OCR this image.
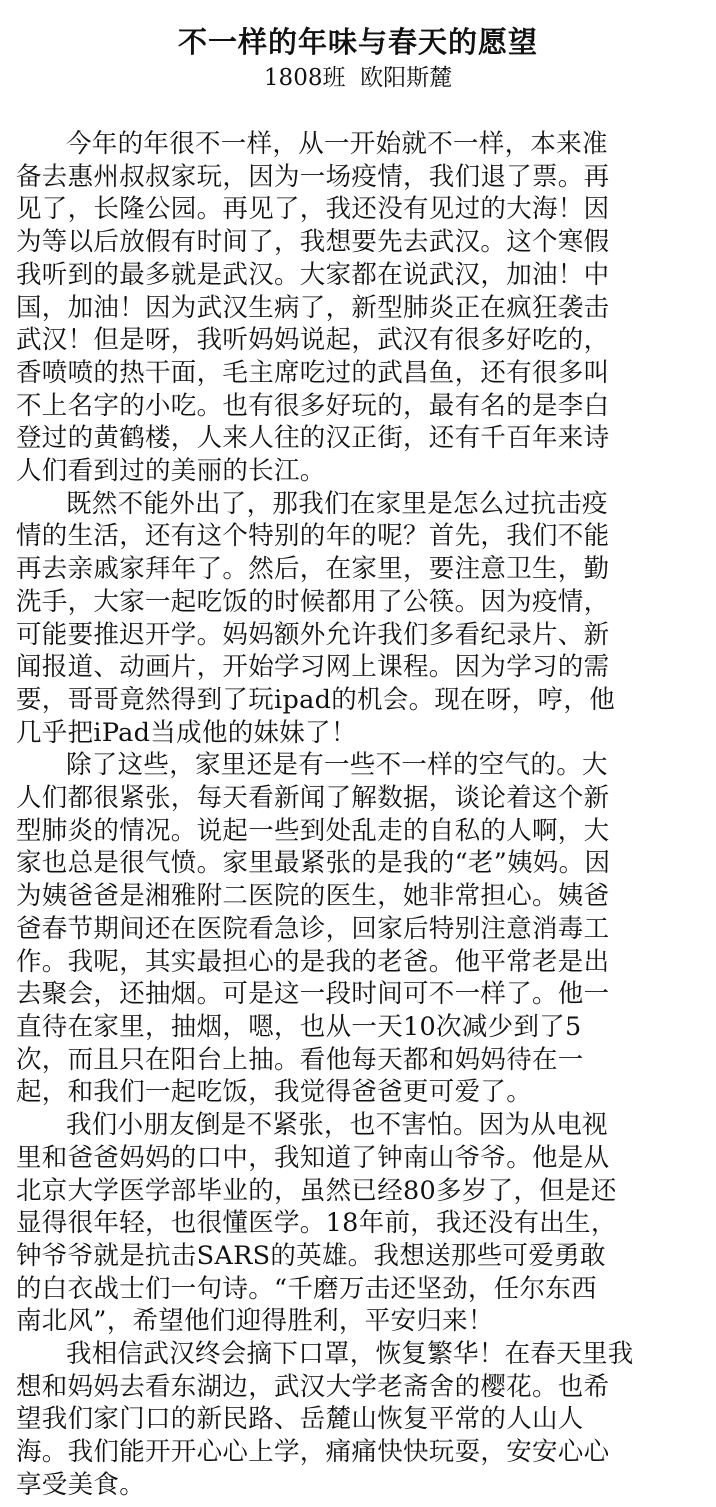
不一样的年味与春天的愿望
1808班  欧阳斯麓
今年的年很不一样，从一开始就不一样，本来准
备去惠州叔叔家玩，因为一场疫情，我们退了票。再
见了，长隆公园。再见了，我还没有见过的大海！因
为等以后放假有时间了，我想要先去武汉。这个寒假
我听到的最多就是武汉。大家都在说武汉，加油！中
国，加油！因为武汉生病了，新型肺炎正在疯狂袭击
武汉！但是呀，我听妈妈说起，武汉有很多好吃的，
香喷喷的热干面，毛主席吃过的武昌鱼，还有很多叫
不上名字的小吃。也有很多好玩的，最有名的是李白
登过的黄鹤楼，人来人往的汉正街，还有千百年来诗
人们看到过的美丽的长江。
既然不能外出了，那我们在家里是怎么过抗击疫
情的生活，还有这个特别的年的呢？首先，我们不能
再去亲戚家拜年了。然后，在家里，要注意卫生，勤
洗手，大家一起吃饭的时候都用了公筷。因为疫情，
可能要推迟开学。妈妈额外允许我们多看纪录片、新
闻报道、动画片，开始学习网上课程。因为学习的需
要，哥哥竟然得到了玩ipad的机会。现在呀，哼，他
几乎把iPad当成他的妹妹了！
除了这些，家里还是有一些不一样的空气的。大
人们都很紧张，每天看新闻了解数据，谈论着这个新
型肺炎的情况。说起一些到处乱走的自私的人啊，大
家也总是很气愤。家里最紧张的是我的“老”姨妈。因
为姨爸爸是湘雅附二医院的医生，她非常担心。姨爸
爸春节期间还在医院看急诊，回家后特别注意消毒工
作。我呢，其实最担心的是我的老爸。他平常老是出
去聚会，还抽烟。可是这一段时间可不一样了。他一
直待在家里，抽烟，嗯，也从一天10次减少到了5
次，而且只在阳台上抽。看他每天都和妈妈待在一
起，和我们一起吃饭，我觉得爸爸更可爱了。
我们小朋友倒是不紧张，也不害怕。因为从电视
里和爸爸妈妈的口中，我知道了钟南山爷爷。他是从
北京大学医学部毕业的，虽然已经80多岁了，但是还
显得很年轻，也很懂医学。18年前，我还没有出生，
钟爷爷就是抗击SARS的英雄。我想送那些可爱勇敢
的白衣战士们一句诗。“千磨万击还坚劲，任尔东西
南北风”，希望他们迎得胜利，平安归来！
我相信武汉终会摘下口罩，恢复繁华！在春天里我
想和妈妈去看东湖边，武汉大学老斋舍的樱花。也希
望我们家门口的新民路、岳麓山恢复平常的人山人
海。我们能开开心心上学，痛痛快快玩耍，安安心心
享受美食。
